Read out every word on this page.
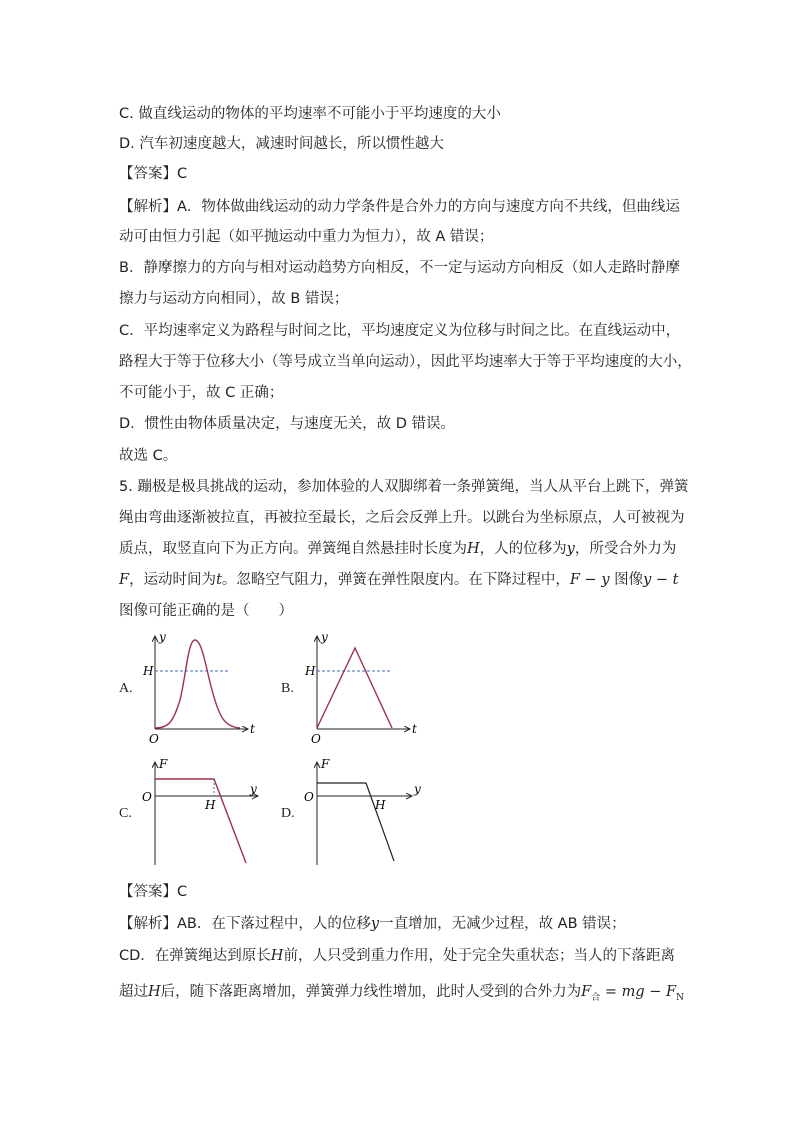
C. 做直线运动的物体的平均速率不可能小于平均速度的大小
D. 汽车初速度越大，减速时间越长，所以惯性越大
【答案】C
【解析】A．物体做曲线运动的动力学条件是合外力的方向与速度方向不共线，但曲线运
动可由恒力引起（如平抛运动中重力为恒力），故 A 错误；
B．静摩擦力的方向与相对运动趋势方向相反，不一定与运动方向相反（如人走路时静摩
擦力与运动方向相同），故 B 错误；
C．平均速率定义为路程与时间之比，平均速度定义为位移与时间之比。在直线运动中，
路程大于等于位移大小（等号成立当单向运动），因此平均速率大于等于平均速度的大小，
不可能小于，故 C 正确；
D．惯性由物体质量决定，与速度无关，故 D 错误。
故选 C。
5. 蹦极是极具挑战的运动，参加体验的人双脚绑着一条弹簧绳，当人从平台上跳下，弹簧
绳由弯曲逐渐被拉直，再被拉至最长，之后会反弹上升。以跳台为坐标原点，人可被视为
质点，取竖直向下为正方向。弹簧绳自然悬挂时长度为H，人的位移为y，所受合外力为
F，运动时间为t。忽略空气阻力，弹簧在弹性限度内。在下降过程中，F − y 图像y − t
图像可能正确的是（　　）
A.	B.
C.	D.
y
H
O
t
y
H
O
t
F
O
H
y
F
O
H
y
【答案】C
【解析】AB．在下落过程中，人的位移y一直增加，无减少过程，故 AB 错误；
CD．在弹簧绳达到原长H前，人只受到重力作用，处于完全失重状态；当人的下落距离
超过H后，随下落距离增加，弹簧弹力线性增加，此时人受到的合外力为$F_合$ = mg − $F_N$
